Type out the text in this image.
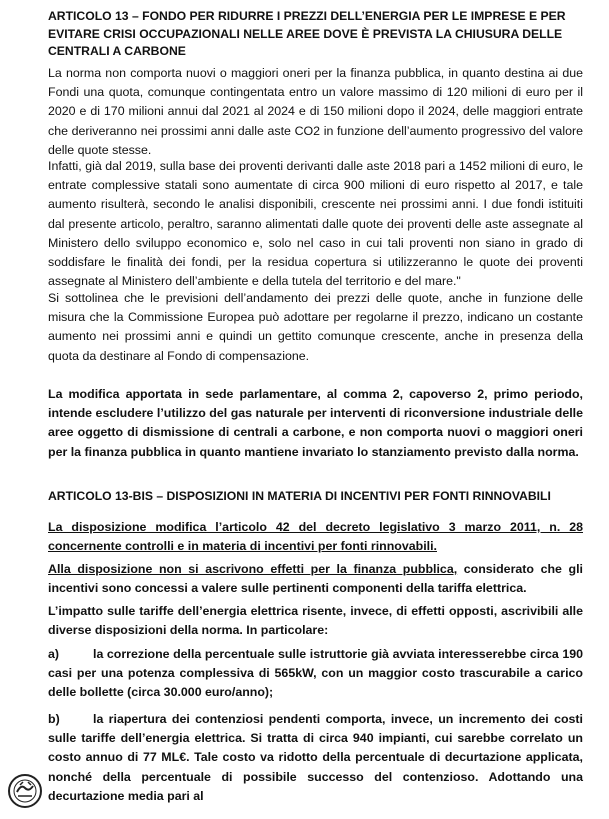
ARTICOLO 13 – FONDO PER RIDURRE I PREZZI DELL’ENERGIA PER LE IMPRESE E PER EVITARE CRISI OCCUPAZIONALI NELLE AREE DOVE È PREVISTA LA CHIUSURA DELLE CENTRALI A CARBONE

La norma non comporta nuovi o maggiori oneri per la finanza pubblica, in quanto destina ai due Fondi una quota, comunque contingentata entro un valore massimo di 120 milioni di euro per il 2020 e di 170 milioni annui dal 2021 al 2024 e di 150 milioni dopo il 2024, delle maggiori entrate che deriveranno nei prossimi anni dalle aste CO2 in funzione dell’aumento progressivo del valore delle quote stesse.

Infatti, già dal 2019, sulla base dei proventi derivanti dalle aste 2018 pari a 1452 milioni di euro, le entrate complessive statali sono aumentate di circa 900 milioni di euro rispetto al 2017, e tale aumento risulterà, secondo le analisi disponibili, crescente nei prossimi anni. I due fondi istituiti dal presente articolo, peraltro, saranno alimentati dalle quote dei proventi delle aste assegnate al Ministero dello sviluppo economico e, solo nel caso in cui tali proventi non siano in grado di soddisfare le finalità dei fondi, per la residua copertura si utilizzeranno le quote dei proventi assegnate al Ministero dell’ambiente e della tutela del territorio e del mare."

Si sottolinea che le previsioni dell’andamento dei prezzi delle quote, anche in funzione delle misura che la Commissione Europea può adottare per regolarne il prezzo, indicano un costante aumento nei prossimi anni e quindi un gettito comunque crescente, anche in presenza della quota da destinare al Fondo di compensazione.

La modifica apportata in sede parlamentare, al comma 2, capoverso 2, primo periodo, intende escludere l’utilizzo del gas naturale per interventi di riconversione industriale delle aree oggetto di dismissione di centrali a carbone, e non comporta nuovi o maggiori oneri per la finanza pubblica in quanto mantiene invariato lo stanziamento previsto dalla norma.

ARTICOLO 13-BIS – DISPOSIZIONI IN MATERIA DI INCENTIVI PER FONTI RINNOVABILI

La disposizione modifica l’articolo 42 del decreto legislativo 3 marzo 2011, n. 28 concernente controlli e in materia di incentivi per fonti rinnovabili.

Alla disposizione non si ascrivono effetti per la finanza pubblica, considerato che gli incentivi sono concessi a valere sulle pertinenti componenti della tariffa elettrica.

L’impatto sulle tariffe dell’energia elettrica risente, invece, di effetti opposti, ascrivibili alle diverse disposizioni della norma. In particolare:

a)	la correzione della percentuale sulle istruttorie già avviata interesserebbe circa 190 casi per una potenza complessiva di 565kW, con un maggior costo trascurabile a carico delle bollette (circa 30.000 euro/anno);

b)	la riapertura dei contenziosi pendenti comporta, invece, un incremento dei costi sulle tariffe dell’energia elettrica. Si tratta di circa 940 impianti, cui sarebbe correlato un costo annuo di 77 ML€. Tale costo va ridotto della percentuale di decurtazione applicata, nonché della percentuale di possibile successo del contenzioso. Adottando una decurtazione media pari al
